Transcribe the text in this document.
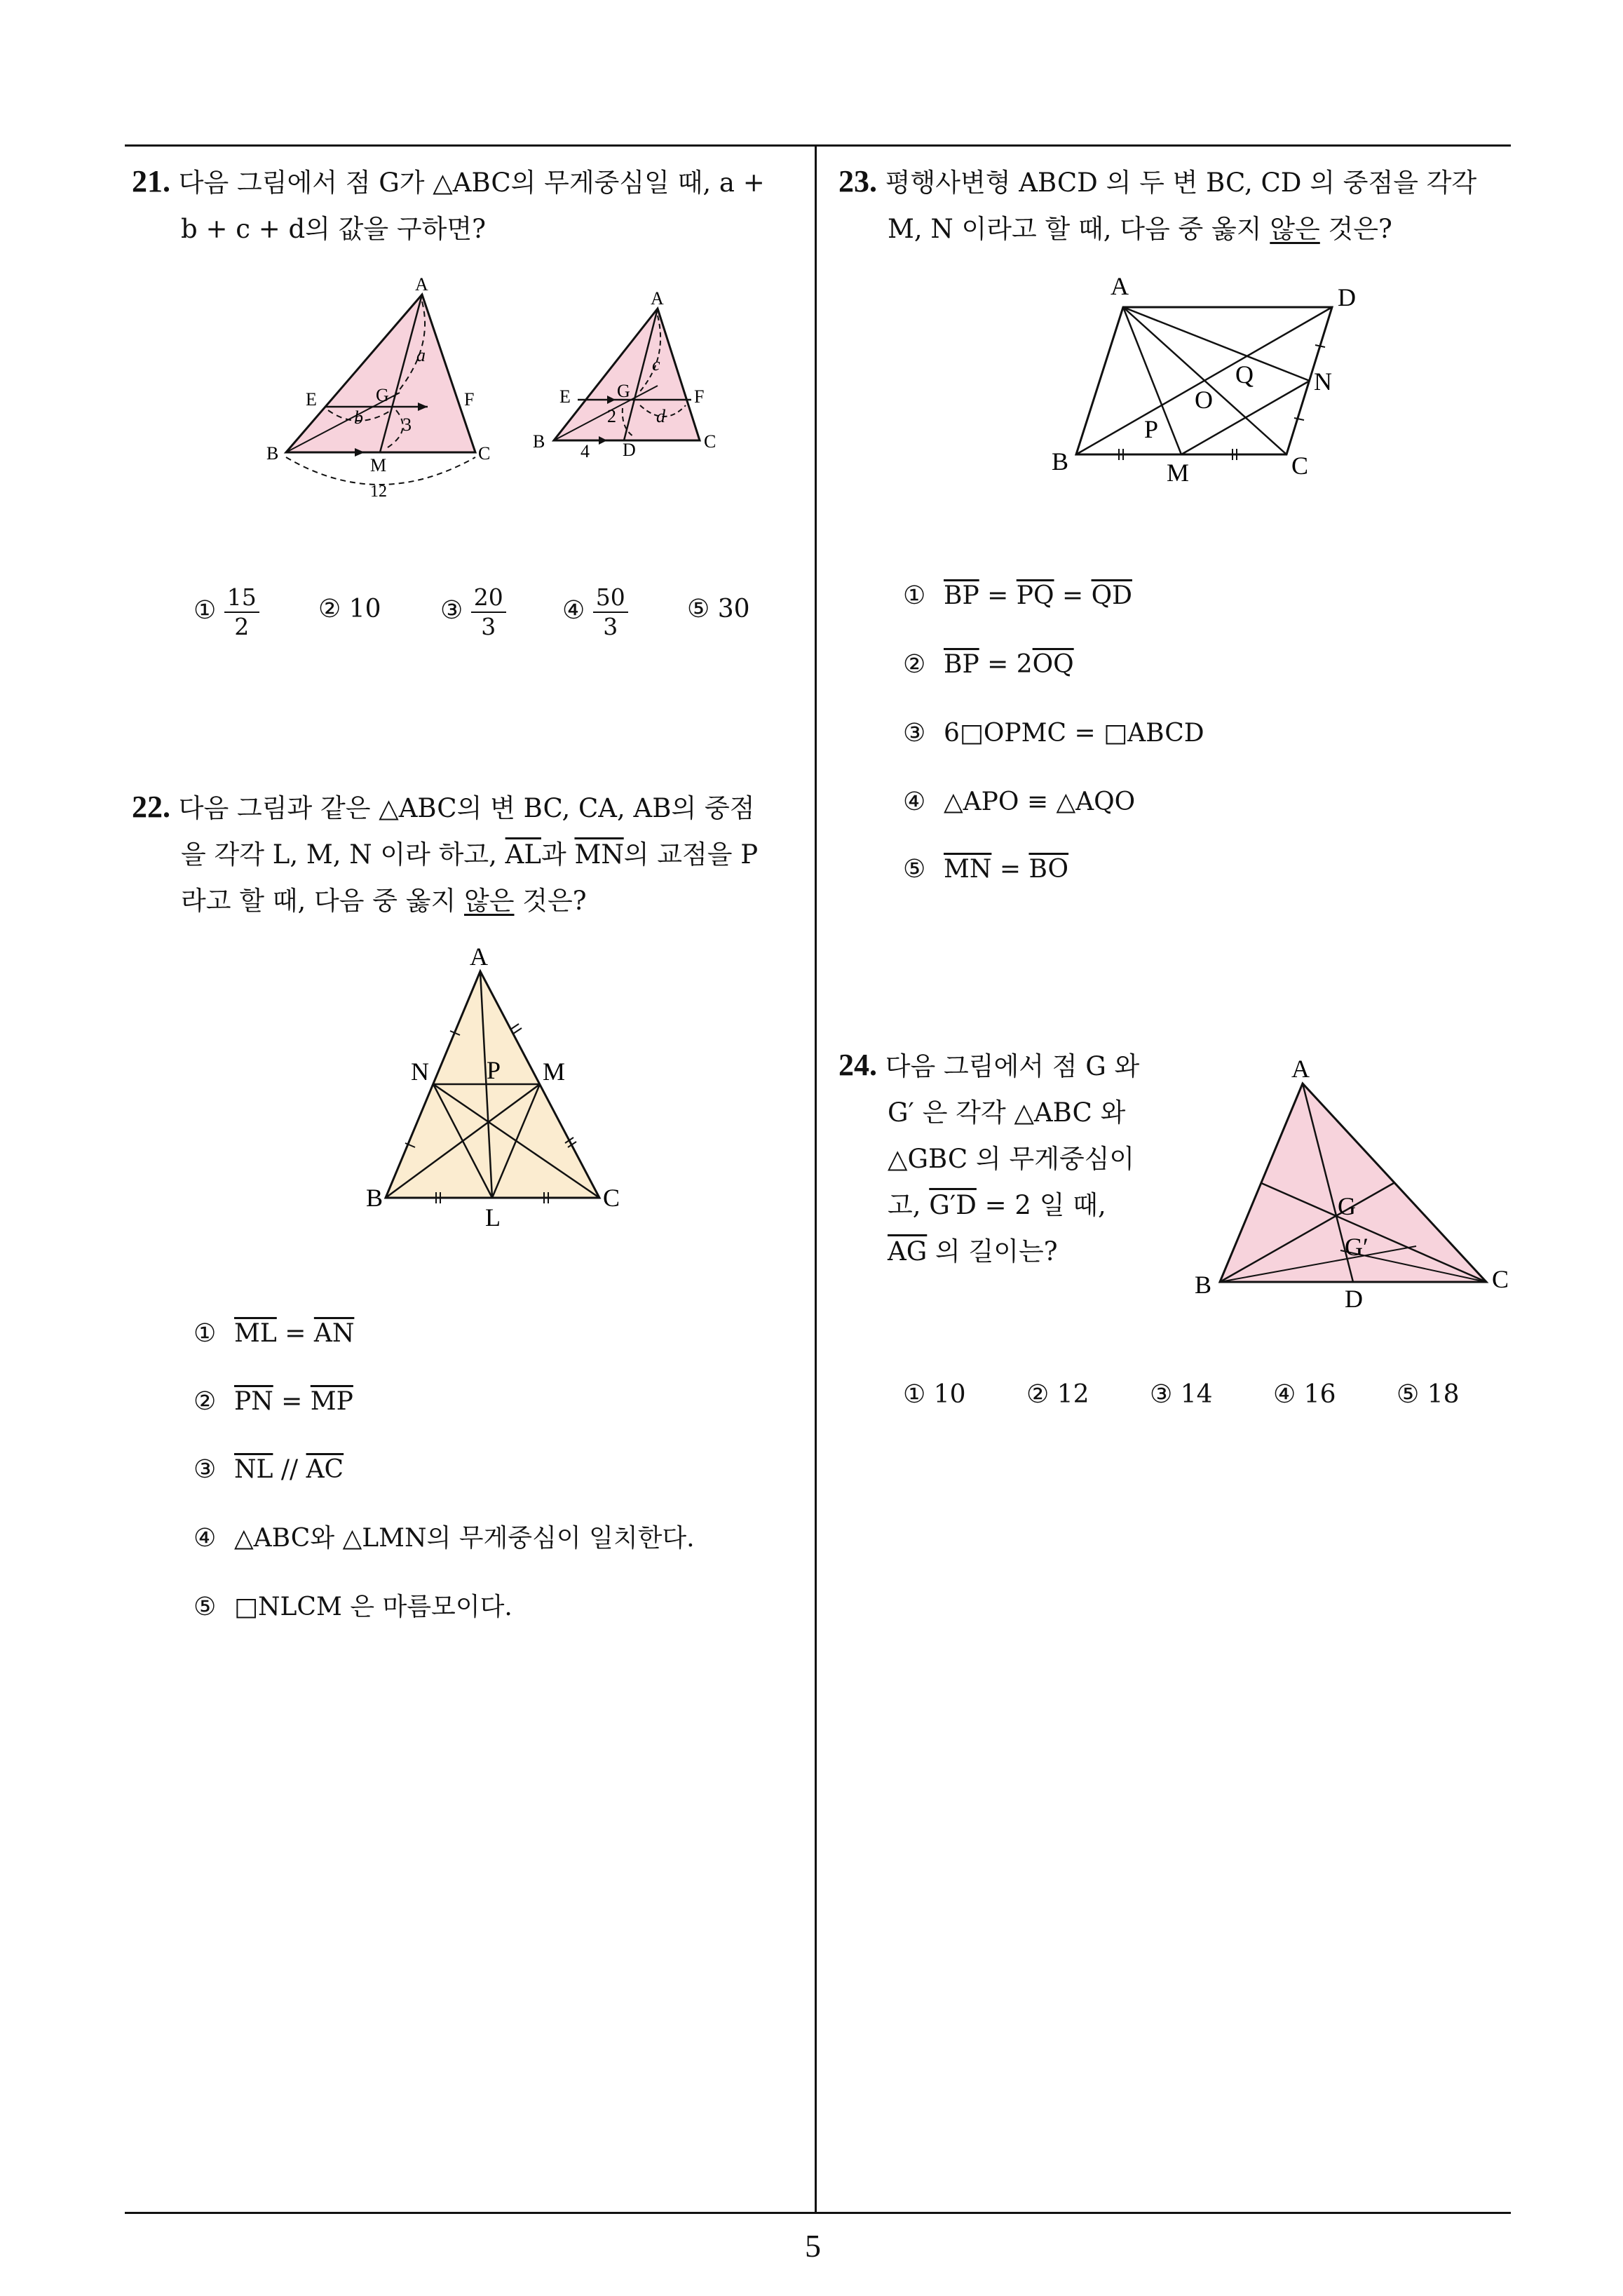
21. 다음 그림에서 점 G가 △ABC의 무게중심일 때, a +
b + c + d의 값을 구하면?
A
B	C
E	F
G
M
a
b 3
12
A
B	C
D
E	F
G
c
d
2
4
① $\frac{15}{2}$ ② 10 ③ $\frac{20}{3}$ ④ $\frac{50}{3}$ ⑤ 30
22. 다음 그림과 같은 △ABC의 변 BC, CA, AB의 중점
을 각각 L, M, N 이라 하고, $\overline{AL}$과 $\overline{MN}$의 교점을 P
라고 할 때, 다음 중 옳지 않은 것은?
A
B	C
L
M
N P
① $\overline{ML} = \overline{AN}$
② $\overline{PN} = \overline{MP}$
③ $\overline{NL} // \overline{AC}$
④ △ABC와 △LMN의 무게중심이 일치한다.
⑤ □NLCM 은 마름모이다.
23. 평행사변형 ABCD 의 두 변 BC, CD 의 중점을 각각
M, N 이라고 할 때, 다음 중 옳지 않은 것은?
A
B	C
D
M
N
O
P
Q
① $\overline{BP} = \overline{PQ} = \overline{QD}$
② $\overline{BP} = 2\overline{OQ}$
③ 6□OPMC = □ABCD
④ △APO ≡ △AQO
⑤ $\overline{MN} = \overline{BO}$
24. 다음 그림에서 점 G 와
G′ 은 각각 △ABC 와
△GBC 의 무게중심이
고, G′D = 2 일 때,
$\overline{AG}$ 의 길이는?
A
B	C
D
G
G′
① 10 ② 12 ③ 14 ④ 16 ⑤ 18
5
